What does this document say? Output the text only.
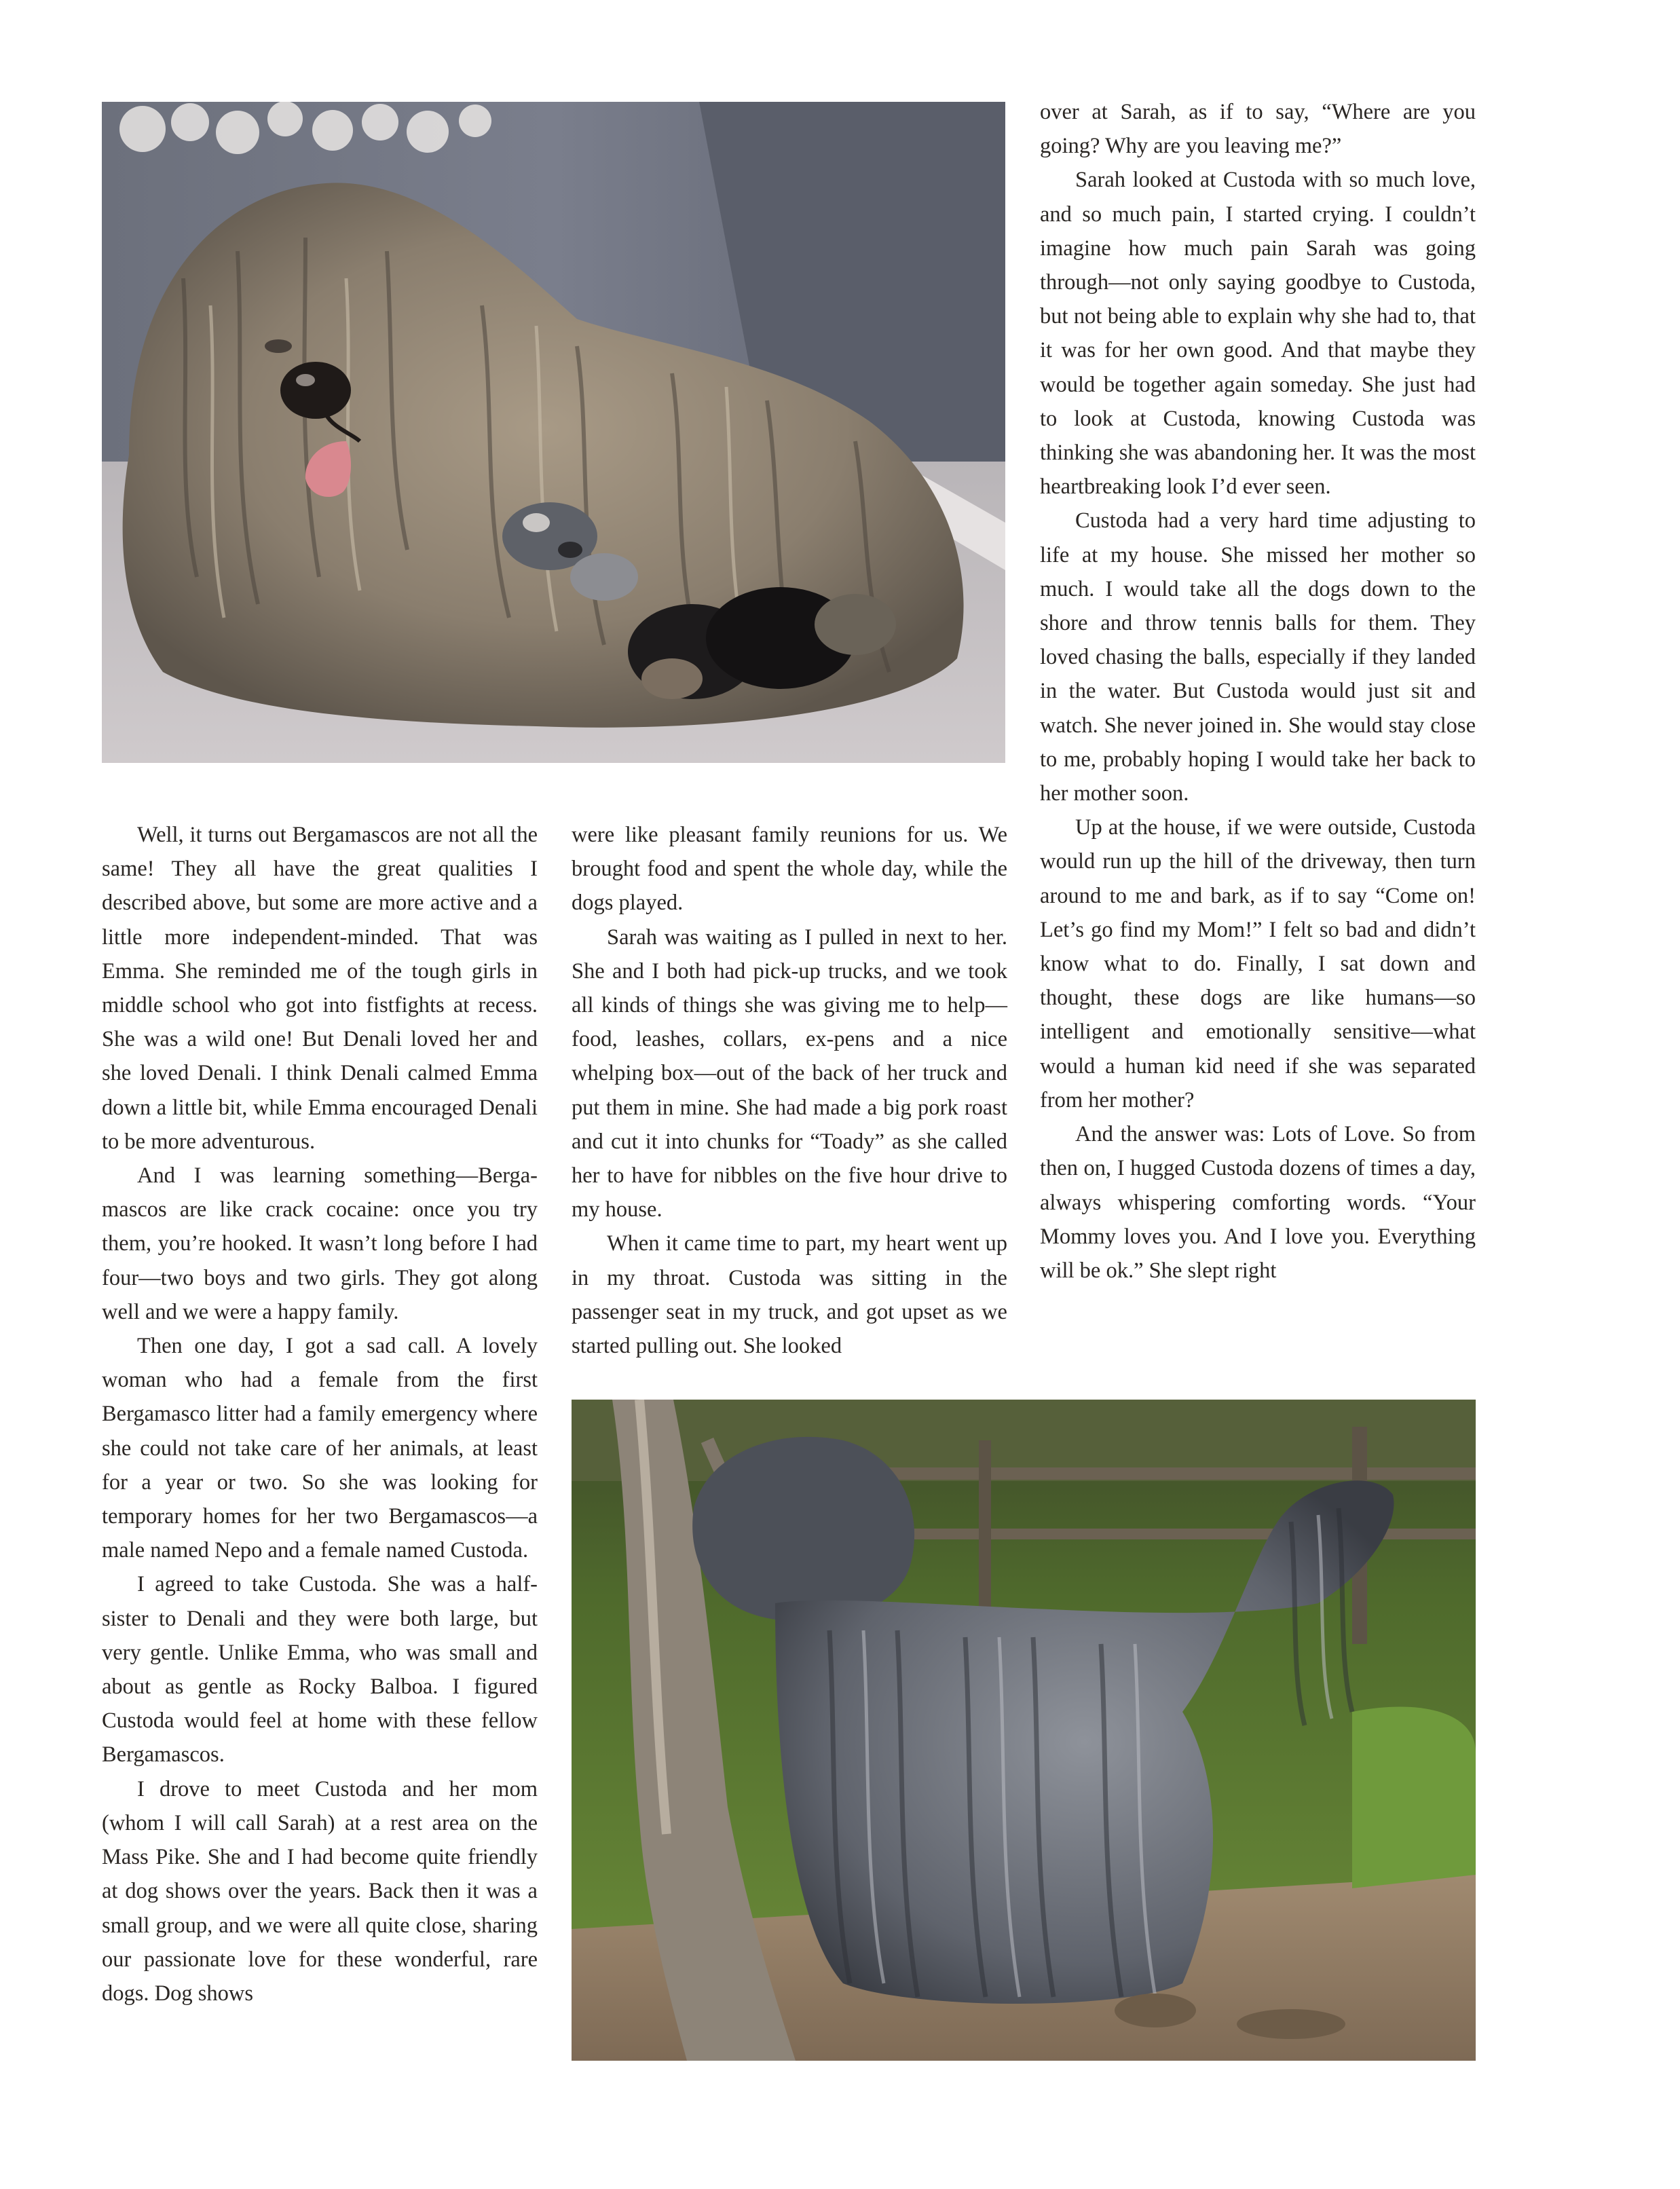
Well, it turns out Bergamascos are not all the same! They all have the great qualities I described above, but some are more active and a little more independent-minded. That was Emma. She reminded me of the tough girls in middle school who got into fistfights at recess. She was a wild one! But Denali loved her and she loved Denali. I think Denali calmed Emma down a little bit, while Emma encouraged Denali to be more adventurous.

And I was learning something—Bergamascos are like crack cocaine: once you try them, you’re hooked. It wasn’t long before I had four—two boys and two girls. They got along well and we were a happy family.

Then one day, I got a sad call. A lovely woman who had a female from the first Bergamasco litter had a family emergency where she could not take care of her animals, at least for a year or two. So she was looking for temporary homes for her two Bergamascos—a male named Nepo and a female named Custoda.

I agreed to take Custoda. She was a half-sister to Denali and they were both large, but very gentle. Unlike Emma, who was small and about as gentle as Rocky Balboa. I figured Custoda would feel at home with these fellow Bergamascos.

I drove to meet Custoda and her mom (whom I will call Sarah) at a rest area on the Mass Pike. She and I had become quite friendly at dog shows over the years. Back then it was a small group, and we were all quite close, sharing our passionate love for these wonderful, rare dogs. Dog shows

were like pleasant family reunions for us. We brought food and spent the whole day, while the dogs played.

Sarah was waiting as I pulled in next to her. She and I both had pick-up trucks, and we took all kinds of things she was giving me to help—food, leashes, collars, ex-pens and a nice whelping box—out of the back of her truck and put them in mine. She had made a big pork roast and cut it into chunks for “Toady” as she called her to have for nibbles on the five hour drive to my house.

When it came time to part, my heart went up in my throat. Custoda was sitting in the passenger seat in my truck, and got upset as we started pulling out. She looked

over at Sarah, as if to say, “Where are you going? Why are you leaving me?”

Sarah looked at Custoda with so much love, and so much pain, I started crying. I couldn’t imagine how much pain Sarah was going through—not only saying goodbye to Custoda, but not being able to explain why she had to, that it was for her own good. And that maybe they would be together again someday. She just had to look at Custoda, knowing Custoda was thinking she was abandoning her. It was the most heartbreaking look I’d ever seen.

Custoda had a very hard time adjusting to life at my house. She missed her mother so much. I would take all the dogs down to the shore and throw tennis balls for them. They loved chasing the balls, especially if they landed in the water. But Custoda would just sit and watch. She never joined in. She would stay close to me, probably hoping I would take her back to her mother soon.

Up at the house, if we were outside, Custoda would run up the hill of the driveway, then turn around to me and bark, as if to say “Come on! Let’s go find my Mom!” I felt so bad and didn’t know what to do. Finally, I sat down and thought, these dogs are like humans—so intelligent and emotionally sensitive—what would a human kid need if she was separated from her mother?

And the answer was: Lots of Love. So from then on, I hugged Custoda dozens of times a day, always whispering comforting words. “Your Mommy loves you. And I love you. Everything will be ok.” She slept right
